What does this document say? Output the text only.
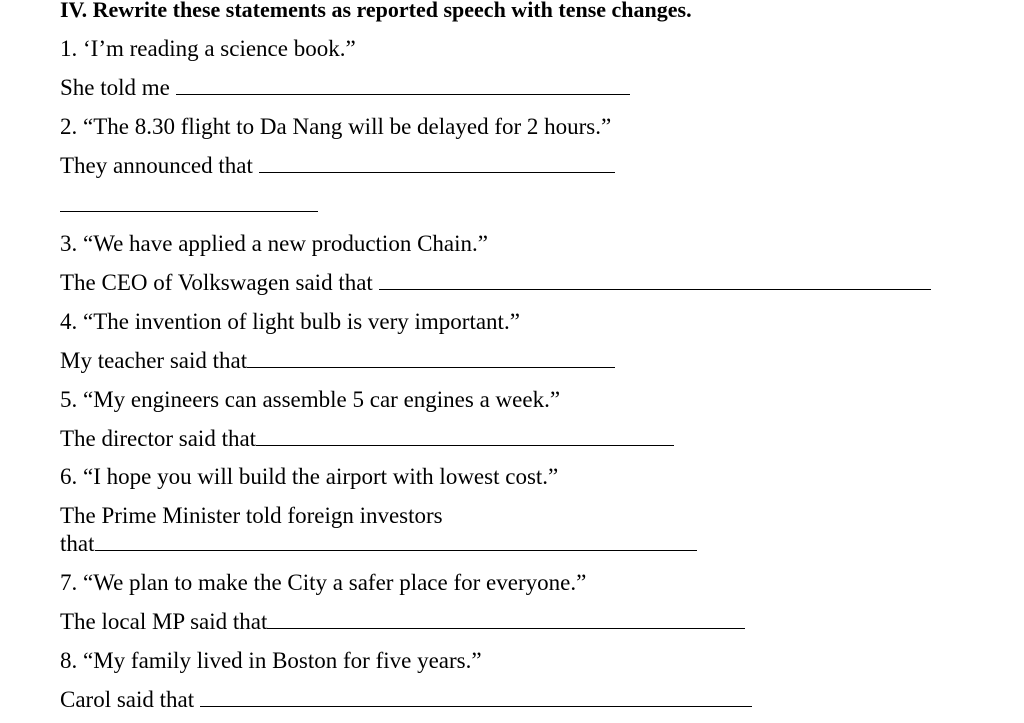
IV. Rewrite these statements as reported speech with tense changes.
1. ‘I’m reading a science book.”
She told me
2. “The 8.30 flight to Da Nang will be delayed for 2 hours.”
They announced that
3. “We have applied a new production Chain.”
The CEO of Volkswagen said that
4. “The invention of light bulb is very important.”
My teacher said that
5. “My engineers can assemble 5 car engines a week.”
The director said that
6. “I hope you will build the airport with lowest cost.”
The Prime Minister told foreign investors
that
7. “We plan to make the City a safer place for everyone.”
The local MP said that
8. “My family lived in Boston for five years.”
Carol said that
